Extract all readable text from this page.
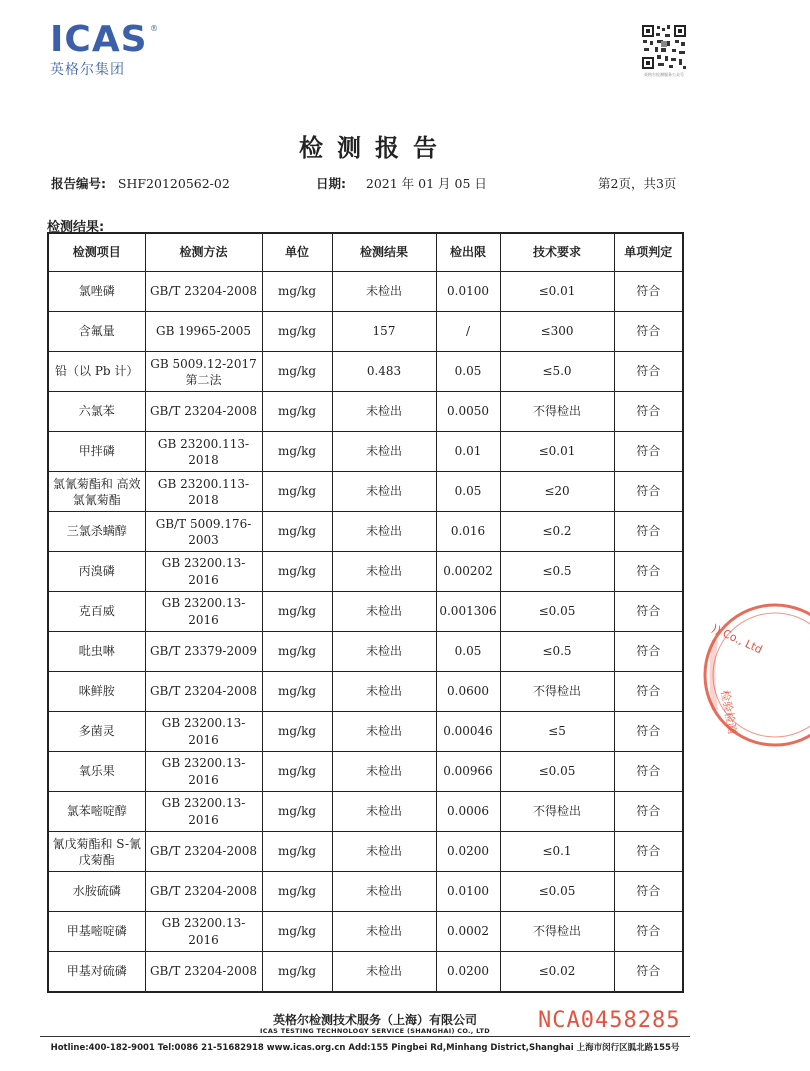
ICAS ®
英格尔集团	英格尔检测服务公众号
检测报告
报告编号: SHF20120562-02	日期: 2021 年 01 月 05 日	第2页，共3页
检测结果:
检测项目	检测方法	单位	检测结果	检出限	技术要求	单项判定
氯唑磷	GB/T 23204-2008	mg/kg	未检出	0.0100	≤0.01	符合
含氟量	GB 19965-2005	mg/kg	157	/	≤300	符合
铅（以 Pb 计）	GB 5009.12-2017 第二法	mg/kg	0.483	0.05	≤5.0	符合
六氯苯	GB/T 23204-2008	mg/kg	未检出	0.0050	不得检出	符合
甲拌磷	GB 23200.113-2018	mg/kg	未检出	0.01	≤0.01	符合
氯氰菊酯和 高效氯氰菊酯	GB 23200.113-2018	mg/kg	未检出	0.05	≤20	符合
三氯杀螨醇	GB/T 5009.176-2003	mg/kg	未检出	0.016	≤0.2	符合
丙溴磷	GB 23200.13-2016	mg/kg	未检出	0.00202	≤0.5	符合
克百威	GB 23200.13-2016	mg/kg	未检出	0.001306	≤0.05	符合
吡虫啉	GB/T 23379-2009	mg/kg	未检出	0.05	≤0.5	符合
咪鲜胺	GB/T 23204-2008	mg/kg	未检出	0.0600	不得检出	符合
多菌灵	GB 23200.13-2016	mg/kg	未检出	0.00046	≤5	符合
氧乐果	GB 23200.13-2016	mg/kg	未检出	0.00966	≤0.05	符合
氯苯嘧啶醇	GB 23200.13-2016	mg/kg	未检出	0.0006	不得检出	符合
氰戊菊酯和 S-氰戊菊酯	GB/T 23204-2008	mg/kg	未检出	0.0200	≤0.1	符合
水胺硫磷	GB/T 23204-2008	mg/kg	未检出	0.0100	≤0.05	符合
甲基嘧啶磷	GB 23200.13-2016	mg/kg	未检出	0.0002	不得检出	符合
甲基对硫磷	GB/T 23204-2008	mg/kg	未检出	0.0200	≤0.02	符合
)) Co., Ltd
检验检测
英格尔检测技术服务（上海）有限公司
ICAS TESTING TECHNOLOGY SERVICE (SHANGHAI) CO., LTD	NCA0458285
Hotline:400-182-9001 Tel:0086 21-51682918 www.icas.org.cn Add:155 Pingbei Rd,Minhang District,Shanghai 上海市闵行区胍北路155号
